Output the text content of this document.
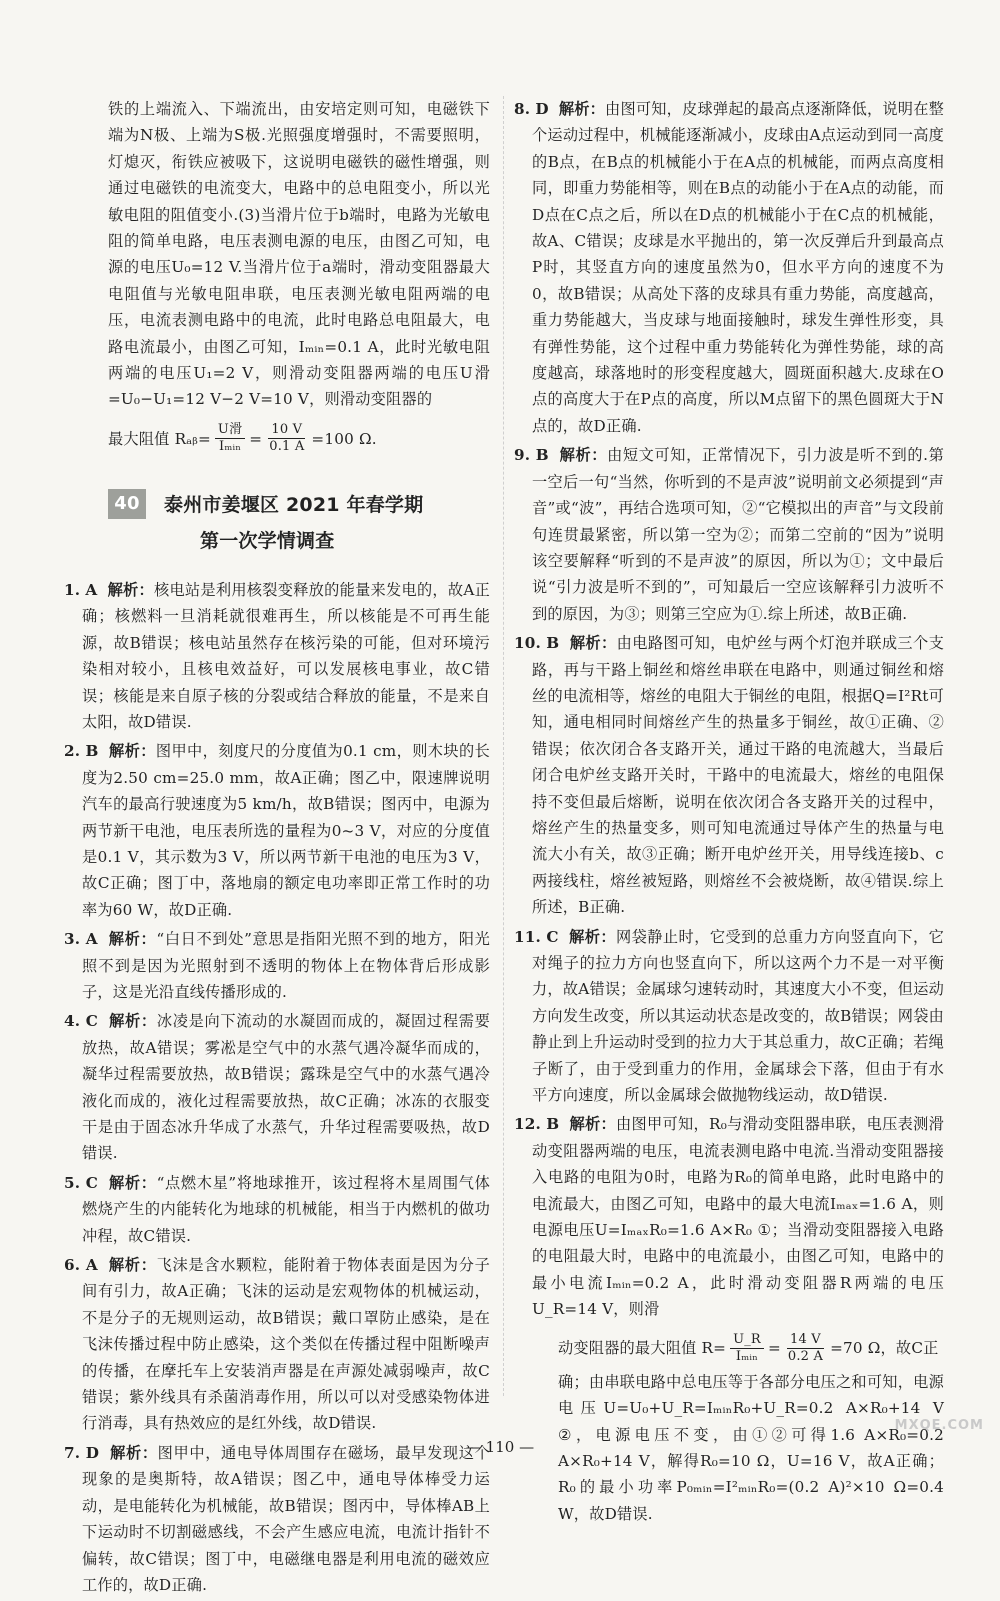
铁的上端流入、下端流出，由安培定则可知，电磁铁下端为N极、上端为S极.光照强度增强时，不需要照明，灯熄灭，衔铁应被吸下，这说明电磁铁的磁性增强，则通过电磁铁的电流变大，电路中的总电阻变小，所以光敏电阻的阻值变小.(3)当滑片位于b端时，电路为光敏电阻的简单电路，电压表测电源的电压，由图乙可知，电源的电压U₀=12 V.当滑片位于a端时，滑动变阻器最大电阻值与光敏电阻串联，电压表测光敏电阻两端的电压，电流表测电路中的电流，此时电路总电阻最大，电路电流最小，由图乙可知，Iₘᵢₙ=0.1 A，此时光敏电阻两端的电压U₁=2 V，则滑动变阻器两端的电压U滑=U₀−U₁=12 V−2 V=10 V，则滑动变阻器的

最大阻值 Rₐᵦ= $\frac{\text{U滑}}{\text{Iₘᵢₙ}} = \frac{10 V}{0.1 A} =100$ Ω.
40	泰州市姜堰区 2021 年春学期
第一次学情调查

1. A 解析：核电站是利用核裂变释放的能量来发电的，故A正确；核燃料一旦消耗就很难再生，所以核能是不可再生能源，故B错误；核电站虽然存在核污染的可能，但对环境污染相对较小，且核电效益好，可以发展核电事业，故C错误；核能是来自原子核的分裂或结合释放的能量，不是来自太阳，故D错误.

2. B 解析：图甲中，刻度尺的分度值为0.1 cm，则木块的长度为2.50 cm=25.0 mm，故A正确；图乙中，限速牌说明汽车的最高行驶速度为5 km/h，故B错误；图丙中，电源为两节新干电池，电压表所选的量程为0~3 V，对应的分度值是0.1 V，其示数为3 V，所以两节新干电池的电压为3 V，故C正确；图丁中，落地扇的额定电功率即正常工作时的功率为60 W，故D正确.

3. A 解析：“白日不到处”意思是指阳光照不到的地方，阳光照不到是因为光照射到不透明的物体上在物体背后形成影子，这是光沿直线传播形成的.

4. C 解析：冰凌是向下流动的水凝固而成的，凝固过程需要放热，故A错误；雾凇是空气中的水蒸气遇冷凝华而成的，凝华过程需要放热，故B错误；露珠是空气中的水蒸气遇冷液化而成的，液化过程需要放热，故C正确；冰冻的衣服变干是由于固态冰升华成了水蒸气，升华过程需要吸热，故D错误.

5. C 解析：“点燃木星”将地球推开，该过程将木星周围气体燃烧产生的内能转化为地球的机械能，相当于内燃机的做功冲程，故C错误.

6. A 解析：飞沫是含水颗粒，能附着于物体表面是因为分子间有引力，故A正确；飞沫的运动是宏观物体的机械运动，不是分子的无规则运动，故B错误；戴口罩防止感染，是在飞沫传播过程中防止感染，这个类似在传播过程中阻断噪声的传播，在摩托车上安装消声器是在声源处减弱噪声，故C错误；紫外线具有杀菌消毒作用，所以可以对受感染物体进行消毒，具有热效应的是红外线，故D错误.

7. D 解析：图甲中，通电导体周围存在磁场，最早发现这个现象的是奥斯特，故A错误；图乙中，通电导体棒受力运动，是电能转化为机械能，故B错误；图丙中，导体棒AB上下运动时不切割磁感线，不会产生感应电流，电流计指针不偏转，故C错误；图丁中，电磁继电器是利用电流的磁效应工作的，故D正确.

8. D 解析：由图可知，皮球弹起的最高点逐渐降低，说明在整个运动过程中，机械能逐渐减小，皮球由A点运动到同一高度的B点，在B点的机械能小于在A点的机械能，而两点高度相同，即重力势能相等，则在B点的动能小于在A点的动能，而D点在C点之后，所以在D点的机械能小于在C点的机械能，故A、C错误；皮球是水平抛出的，第一次反弹后升到最高点P时，其竖直方向的速度虽然为0，但水平方向的速度不为0，故B错误；从高处下落的皮球具有重力势能，高度越高，重力势能越大，当皮球与地面接触时，球发生弹性形变，具有弹性势能，这个过程中重力势能转化为弹性势能，球的高度越高，球落地时的形变程度越大，圆斑面积越大.皮球在O点的高度大于在P点的高度，所以M点留下的黑色圆斑大于N点的，故D正确.

9. B 解析：由短文可知，正常情况下，引力波是听不到的.第一空后一句“当然，你听到的不是声波”说明前文必须提到“声音”或“波”，再结合选项可知，②“它模拟出的声音”与文段前句连贯最紧密，所以第一空为②；而第二空前的“因为”说明该空要解释“听到的不是声波”的原因，所以为①；文中最后说“引力波是听不到的”，可知最后一空应该解释引力波听不到的原因，为③；则第三空应为①.综上所述，故B正确.

10. B 解析：由电路图可知，电炉丝与两个灯泡并联成三个支路，再与干路上铜丝和熔丝串联在电路中，则通过铜丝和熔丝的电流相等，熔丝的电阻大于铜丝的电阻，根据Q=I²Rt可知，通电相同时间熔丝产生的热量多于铜丝，故①正确、②错误；依次闭合各支路开关，通过干路的电流越大，当最后闭合电炉丝支路开关时，干路中的电流最大，熔丝的电阻保持不变但最后熔断，说明在依次闭合各支路开关的过程中，熔丝产生的热量变多，则可知电流通过导体产生的热量与电流大小有关，故③正确；断开电炉丝开关，用导线连接b、c两接线柱，熔丝被短路，则熔丝不会被烧断，故④错误.综上所述，B正确.

11. C 解析：网袋静止时，它受到的总重力方向竖直向下，它对绳子的拉力方向也竖直向下，所以这两个力不是一对平衡力，故A错误；金属球匀速转动时，其速度大小不变，但运动方向发生改变，所以其运动状态是改变的，故B错误；网袋由静止到上升运动时受到的拉力大于其总重力，故C正确；若绳子断了，由于受到重力的作用，金属球会下落，但由于有水平方向速度，所以金属球会做抛物线运动，故D错误.

12. B 解析：由图甲可知，R₀与滑动变阻器串联，电压表测滑动变阻器两端的电压，电流表测电路中电流.当滑动变阻器接入电路的电阻为0时，电路为R₀的简单电路，此时电路中的电流最大，由图乙可知，电路中的最大电流Iₘₐₓ=1.6 A，则电源电压U=IₘₐₓR₀=1.6 A×R₀ ①；当滑动变阻器接入电路的电阻最大时，电路中的电流最小，由图乙可知，电路中的最小电流Iₘᵢₙ=0.2 A，此时滑动变阻器R两端的电压U_R=14 V，则滑

动变阻器的最大阻值 $R= \frac{U\_R}{\text{Iₘᵢₙ}} = \frac{14 V}{0.2 A} =70$ Ω，故C正

确；由串联电路中总电压等于各部分电压之和可知，电源电压U=U₀+U_R=IₘᵢₙR₀+U_R=0.2 A×R₀+14 V ②，电源电压不变，由①②可得1.6 A×R₀=0.2 A×R₀+14 V，解得R₀=10 Ω，U=16 V，故A正确；R₀的最小功率P₀ₘᵢₙ=I²ₘᵢₙR₀=(0.2 A)²×10 Ω=0.4 W，故D错误.

— 110 —
MXQE.COM
